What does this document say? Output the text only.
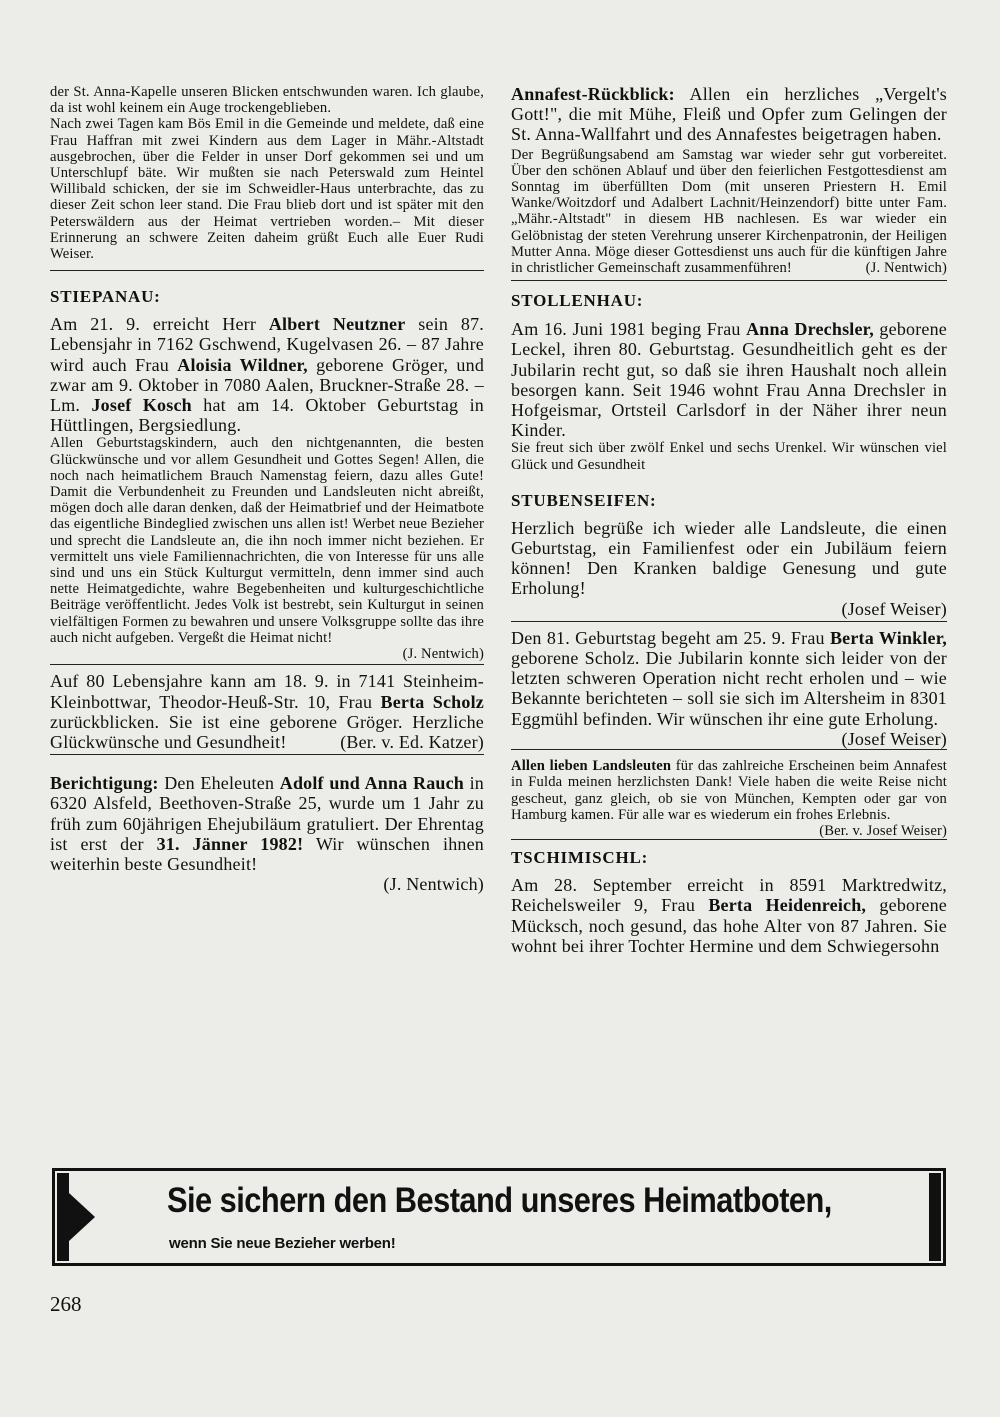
der St. Anna-Kapelle unseren Blicken entschwunden waren. Ich glaube, da ist wohl keinem ein Auge trockengeblieben.

Nach zwei Tagen kam Bös Emil in die Gemeinde und meldete, daß eine Frau Haffran mit zwei Kindern aus dem Lager in Mähr.-Altstadt ausgebrochen, über die Felder in unser Dorf gekommen sei und um Unterschlupf bäte. Wir mußten sie nach Peterswald zum Heintel Willibald schicken, der sie im Schweidler-Haus unterbrachte, das zu dieser Zeit schon leer stand. Die Frau blieb dort und ist später mit den Peterswäldern aus der Heimat vertrieben worden.– Mit dieser Erinnerung an schwere Zeiten daheim grüßt Euch alle Euer Rudi Weiser.

STIEPANAU:

Am 21. 9. erreicht Herr Albert Neutzner sein 87. Lebensjahr in 7162 Gschwend, Kugelvasen 26. – 87 Jahre wird auch Frau Aloisia Wildner, geborene Gröger, und zwar am 9. Oktober in 7080 Aalen, Bruckner-Straße 28. – Lm. Josef Kosch hat am 14. Oktober Geburtstag in Hüttlingen, Bergsiedlung.

Allen Geburtstagskindern, auch den nichtgenannten, die besten Glückwünsche und vor allem Gesundheit und Gottes Segen! Allen, die noch nach heimatlichem Brauch Namenstag feiern, dazu alles Gute! Damit die Verbundenheit zu Freunden und Landsleuten nicht abreißt, mögen doch alle daran denken, daß der Heimatbrief und der Heimatbote das eigentliche Bindeglied zwischen uns allen ist! Werbet neue Bezieher und sprecht die Landsleute an, die ihn noch immer nicht beziehen. Er vermittelt uns viele Familiennachrichten, die von Interesse für uns alle sind und uns ein Stück Kulturgut vermitteln, denn immer sind auch nette Heimatgedichte, wahre Begebenheiten und kulturgeschichtliche Beiträge veröffentlicht. Jedes Volk ist bestrebt, sein Kulturgut in seinen vielfältigen Formen zu bewahren und unsere Volksgruppe sollte das ihre auch nicht aufgeben. Vergeßt die Heimat nicht!

(J. Nentwich)

Auf 80 Lebensjahre kann am 18. 9. in 7141 Steinheim-Kleinbottwar, Theodor-Heuß-Str. 10, Frau Berta Scholz zurückblicken. Sie ist eine geborene Gröger. Herzliche Glückwünsche und Gesundheit!	(Ber. v. Ed. Katzer)

Berichtigung: Den Eheleuten Adolf und Anna Rauch in 6320 Alsfeld, Beethoven-Straße 25, wurde um 1 Jahr zu früh zum 60jährigen Ehejubiläum gratuliert. Der Ehrentag ist erst der 31. Jänner 1982! Wir wünschen ihnen weiterhin beste Gesundheit!

(J. Nentwich)

Annafest-Rückblick: Allen ein herzliches „Vergelt's Gott!", die mit Mühe, Fleiß und Opfer zum Gelingen der St. Anna-Wallfahrt und des Annafestes beigetragen haben.

Der Begrüßungsabend am Samstag war wieder sehr gut vorbereitet. Über den schönen Ablauf und über den feierlichen Festgottesdienst am Sonntag im überfüllten Dom (mit unseren Priestern H. Emil Wanke/Woitzdorf und Adalbert Lachnit/Heinzendorf) bitte unter Fam. „Mähr.-Altstadt" in diesem HB nachlesen. Es war wieder ein Gelöbnistag der steten Verehrung unserer Kirchenpatronin, der Heiligen Mutter Anna. Möge dieser Gottesdienst uns auch für die künftigen Jahre in christlicher Gemeinschaft zusammenführen!	(J. Nentwich)

STOLLENHAU:

Am 16. Juni 1981 beging Frau Anna Drechsler, geborene Leckel, ihren 80. Geburtstag. Gesundheitlich geht es der Jubilarin recht gut, so daß sie ihren Haushalt noch allein besorgen kann. Seit 1946 wohnt Frau Anna Drechsler in Hofgeismar, Ortsteil Carlsdorf in der Näher ihrer neun Kinder.

Sie freut sich über zwölf Enkel und sechs Urenkel. Wir wünschen viel Glück und Gesundheit

STUBENSEIFEN:

Herzlich begrüße ich wieder alle Landsleute, die einen Geburtstag, ein Familienfest oder ein Jubiläum feiern können! Den Kranken baldige Genesung und gute Erholung!

(Josef Weiser)

Den 81. Geburtstag begeht am 25. 9. Frau Berta Winkler, geborene Scholz. Die Jubilarin konnte sich leider von der letzten schweren Operation nicht recht erholen und – wie Bekannte berichteten – soll sie sich im Altersheim in 8301 Eggmühl befinden. Wir wünschen ihr eine gute Erholung.
(Josef Weiser)

Allen lieben Landsleuten für das zahlreiche Erscheinen beim Annafest in Fulda meinen herzlichsten Dank! Viele haben die weite Reise nicht gescheut, ganz gleich, ob sie von München, Kempten oder gar von Hamburg kamen. Für alle war es wiederum ein frohes Erlebnis.
(Ber. v. Josef Weiser)

TSCHIMISCHL:

Am 28. September erreicht in 8591 Marktredwitz, Reichelsweiler 9, Frau Berta Heidenreich, geborene Mücksch, noch gesund, das hohe Alter von 87 Jahren. Sie wohnt bei ihrer Tochter Hermine und dem Schwiegersohn

Sie sichern den Bestand unseres Heimatboten,
wenn Sie neue Bezieher werben!
268
